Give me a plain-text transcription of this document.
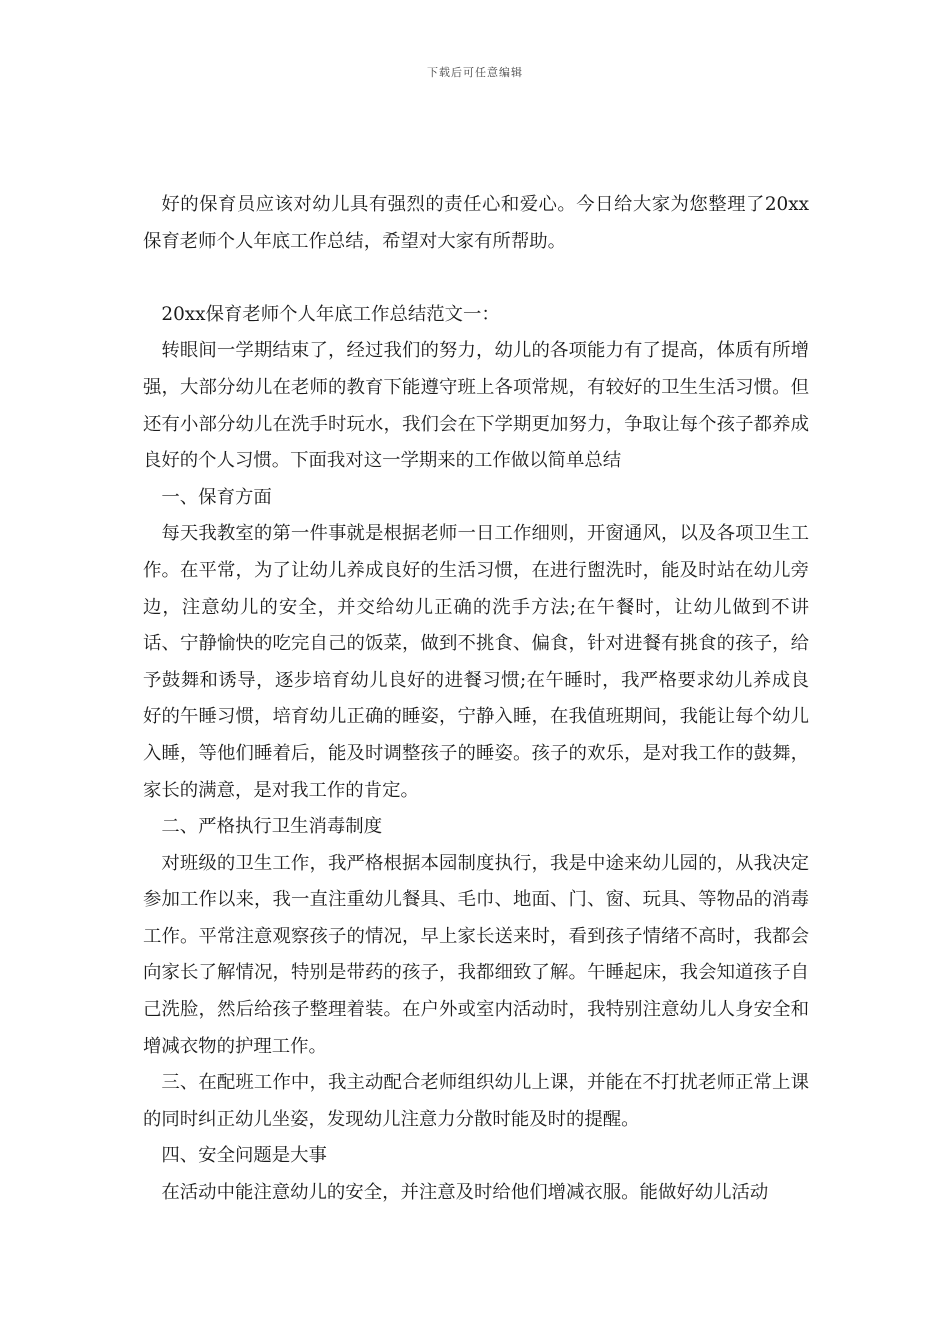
下载后可任意编辑

好的保育员应该对幼儿具有强烈的责任心和爱心。今日给大家为您整理了20xx保育老师个人年底工作总结，希望对大家有所帮助。

20xx保育老师个人年底工作总结范文一：

转眼间一学期结束了，经过我们的努力，幼儿的各项能力有了提高，体质有所增强，大部分幼儿在老师的教育下能遵守班上各项常规，有较好的卫生生活习惯。但还有小部分幼儿在洗手时玩水，我们会在下学期更加努力，争取让每个孩子都养成良好的个人习惯。下面我对这一学期来的工作做以简单总结

一、保育方面

每天我教室的第一件事就是根据老师一日工作细则，开窗通风，以及各项卫生工作。在平常，为了让幼儿养成良好的生活习惯，在进行盥洗时，能及时站在幼儿旁边，注意幼儿的安全，并交给幼儿正确的洗手方法;在午餐时，让幼儿做到不讲话、宁静愉快的吃完自己的饭菜，做到不挑食、偏食，针对进餐有挑食的孩子，给予鼓舞和诱导，逐步培育幼儿良好的进餐习惯;在午睡时，我严格要求幼儿养成良好的午睡习惯，培育幼儿正确的睡姿，宁静入睡，在我值班期间，我能让每个幼儿入睡，等他们睡着后，能及时调整孩子的睡姿。孩子的欢乐，是对我工作的鼓舞，家长的满意，是对我工作的肯定。

二、严格执行卫生消毒制度

对班级的卫生工作，我严格根据本园制度执行，我是中途来幼儿园的，从我决定参加工作以来，我一直注重幼儿餐具、毛巾、地面、门、窗、玩具、等物品的消毒工作。平常注意观察孩子的情况，早上家长送来时，看到孩子情绪不高时，我都会向家长了解情况，特别是带药的孩子，我都细致了解。午睡起床，我会知道孩子自己洗脸，然后给孩子整理着装。在户外或室内活动时，我特别注意幼儿人身安全和增减衣物的护理工作。

三、在配班工作中，我主动配合老师组织幼儿上课，并能在不打扰老师正常上课的同时纠正幼儿坐姿，发现幼儿注意力分散时能及时的提醒。

四、安全问题是大事

在活动中能注意幼儿的安全，并注意及时给他们增减衣服。能做好幼儿活动
